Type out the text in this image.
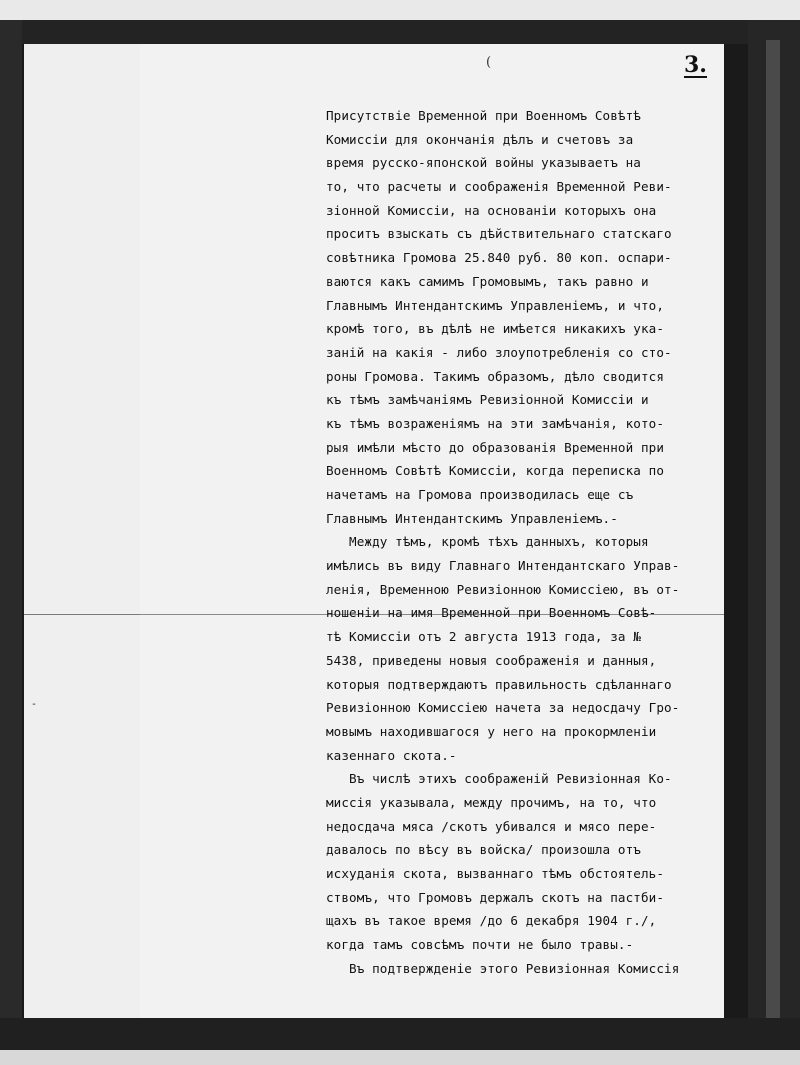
-
(	3.
Присутствіе Временной при Военномъ Совѣтѣ
Комиссіи для окончанія дѣлъ и счетовъ за
время русско-японской войны указываетъ на
то, что расчеты и соображенія Временной Реви-
зіонной Комиссіи, на основаніи которыхъ она
проситъ взыскать съ дѣйствительнаго статскаго
совѣтника Громова 25.840 руб. 80 коп. оспари-
ваются какъ самимъ Громовымъ, такъ равно и
Главнымъ Интендантскимъ Управленіемъ, и что,
кромѣ того, въ дѣлѣ не имѣется никакихъ ука-
заній на какія - либо злоупотребленія со сто-
роны Громова. Такимъ образомъ, дѣло сводится
къ тѣмъ замѣчаніямъ Ревизіонной Комиссіи и
къ тѣмъ возраженіямъ на эти замѣчанія, кото-
рыя имѣли мѣсто до образованія Временной при
Военномъ Совѣтѣ Комиссіи, когда переписка по
начетамъ на Громова производилась еще съ
Главнымъ Интендантскимъ Управленіемъ.-
Между тѣмъ, кромѣ тѣхъ данныхъ, которыя
имѣлись въ виду Главнаго Интендантскаго Управ-
ленія, Временною Ревизіонною Комиссіею, въ от-
ношеніи на имя Временной при Военномъ Совѣ-
тѣ Комиссіи отъ 2 августа 1913 года, за №
5438, приведены новыя соображенія и данныя,
которыя подтверждаютъ правильность сдѣланнаго
Ревизіонною Комиссіею начета за недосдачу Гро-
мовымъ находившагося у него на прокормленіи
казеннаго скота.-
Въ числѣ этихъ соображеній Ревизіонная Ко-
миссія указывала, между прочимъ, на то, что
недосдача мяса /скотъ убивался и мясо пере-
давалось по вѣсу въ войска/ произошла отъ
исхуданія скота, вызваннаго тѣмъ обстоятель-
ствомъ, что Громовъ держалъ скотъ на пастби-
щахъ въ такое время /до 6 декабря 1904 г./,
когда тамъ совсѣмъ почти не было травы.-
Въ подтвержденіе этого Ревизіонная Комиссія
